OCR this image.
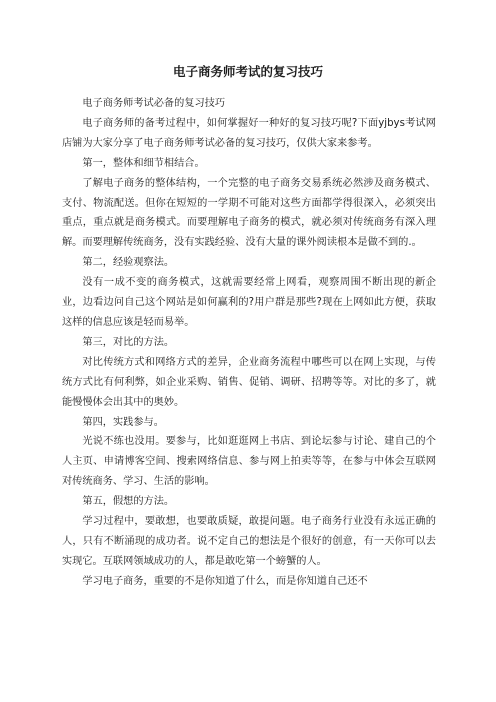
电子商务师考试的复习技巧

电子商务师考试必备的复习技巧

电子商务师的备考过程中，如何掌握好一种好的复习技巧呢?下面yjbys考试网店铺为大家分享了电子商务师考试必备的复习技巧，仅供大家来参考。

第一，整体和细节相结合。

了解电子商务的整体结构，一个完整的电子商务交易系统必然涉及商务模式、支付、物流配送。但你在短短的一学期不可能对这些方面都学得很深入，必须突出重点，重点就是商务模式。而要理解电子商务的模式，就必须对传统商务有深入理解。而要理解传统商务，没有实践经验、没有大量的课外阅读根本是做不到的.。

第二，经验观察法。

没有一成不变的商务模式，这就需要经常上网看，观察周围不断出现的新企业，边看边问自己这个网站是如何赢利的?用户群是那些?现在上网如此方便，获取这样的信息应该是轻而易举。

第三，对比的方法。

对比传统方式和网络方式的差异，企业商务流程中哪些可以在网上实现，与传统方式比有何利弊，如企业采购、销售、促销、调研、招聘等等。对比的多了，就能慢慢体会出其中的奥妙。

第四，实践参与。

光说不练也没用。要参与，比如逛逛网上书店、到论坛参与讨论、建自己的个人主页、申请博客空间、搜索网络信息、参与网上拍卖等等，在参与中体会互联网对传统商务、学习、生活的影响。

第五，假想的方法。

学习过程中，要敢想，也要敢质疑，敢提问题。电子商务行业没有永远正确的人，只有不断涌现的成功者。说不定自己的想法是个很好的创意，有一天你可以去实现它。互联网领域成功的人，都是敢吃第一个螃蟹的人。

学习电子商务，重要的不是你知道了什么，而是你知道自己还不
